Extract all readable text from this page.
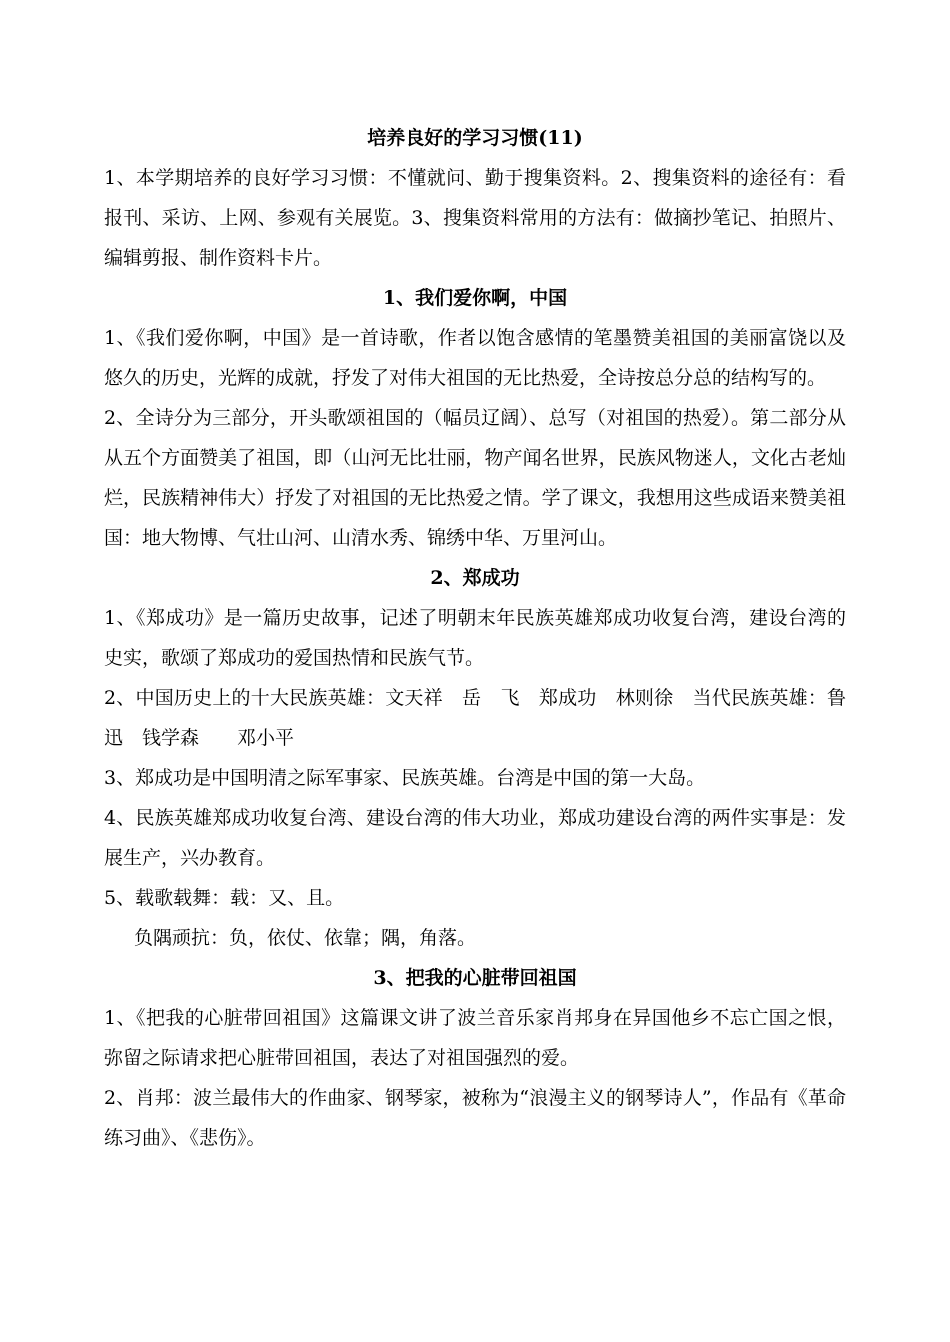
培养良好的学习习惯(11)

1、本学期培养的良好学习习惯：不懂就问、勤于搜集资料。2、搜集资料的途径有：看报刊、采访、上网、参观有关展览。3、搜集资料常用的方法有：做摘抄笔记、拍照片、编辑剪报、制作资料卡片。

1、我们爱你啊，中国

1、《我们爱你啊，中国》是一首诗歌，作者以饱含感情的笔墨赞美祖国的美丽富饶以及悠久的历史，光辉的成就，抒发了对伟大祖国的无比热爱，全诗按总分总的结构写的。

2、全诗分为三部分，开头歌颂祖国的（幅员辽阔）、总写（对祖国的热爱）。第二部分从从五个方面赞美了祖国，即（山河无比壮丽，物产闻名世界，民族风物迷人，文化古老灿烂，民族精神伟大）抒发了对祖国的无比热爱之情。学了课文，我想用这些成语来赞美祖国：地大物博、气壮山河、山清水秀、锦绣中华、万里河山。

2、郑成功

1、《郑成功》是一篇历史故事，记述了明朝末年民族英雄郑成功收复台湾，建设台湾的史实，歌颂了郑成功的爱国热情和民族气节。

2、中国历史上的十大民族英雄：文天祥　岳　飞　郑成功　林则徐　当代民族英雄：鲁　迅　钱学森　　邓小平

3、郑成功是中国明清之际军事家、民族英雄。台湾是中国的第一大岛。

4、民族英雄郑成功收复台湾、建设台湾的伟大功业，郑成功建设台湾的两件实事是：发展生产，兴办教育。

5、载歌载舞：载：又、且。

负隅顽抗：负，依仗、依靠；隅，角落。

3、把我的心脏带回祖国

1、《把我的心脏带回祖国》这篇课文讲了波兰音乐家肖邦身在异国他乡不忘亡国之恨，弥留之际请求把心脏带回祖国，表达了对祖国强烈的爱。

2、肖邦：波兰最伟大的作曲家、钢琴家，被称为“浪漫主义的钢琴诗人”，作品有《革命练习曲》、《悲伤》。
